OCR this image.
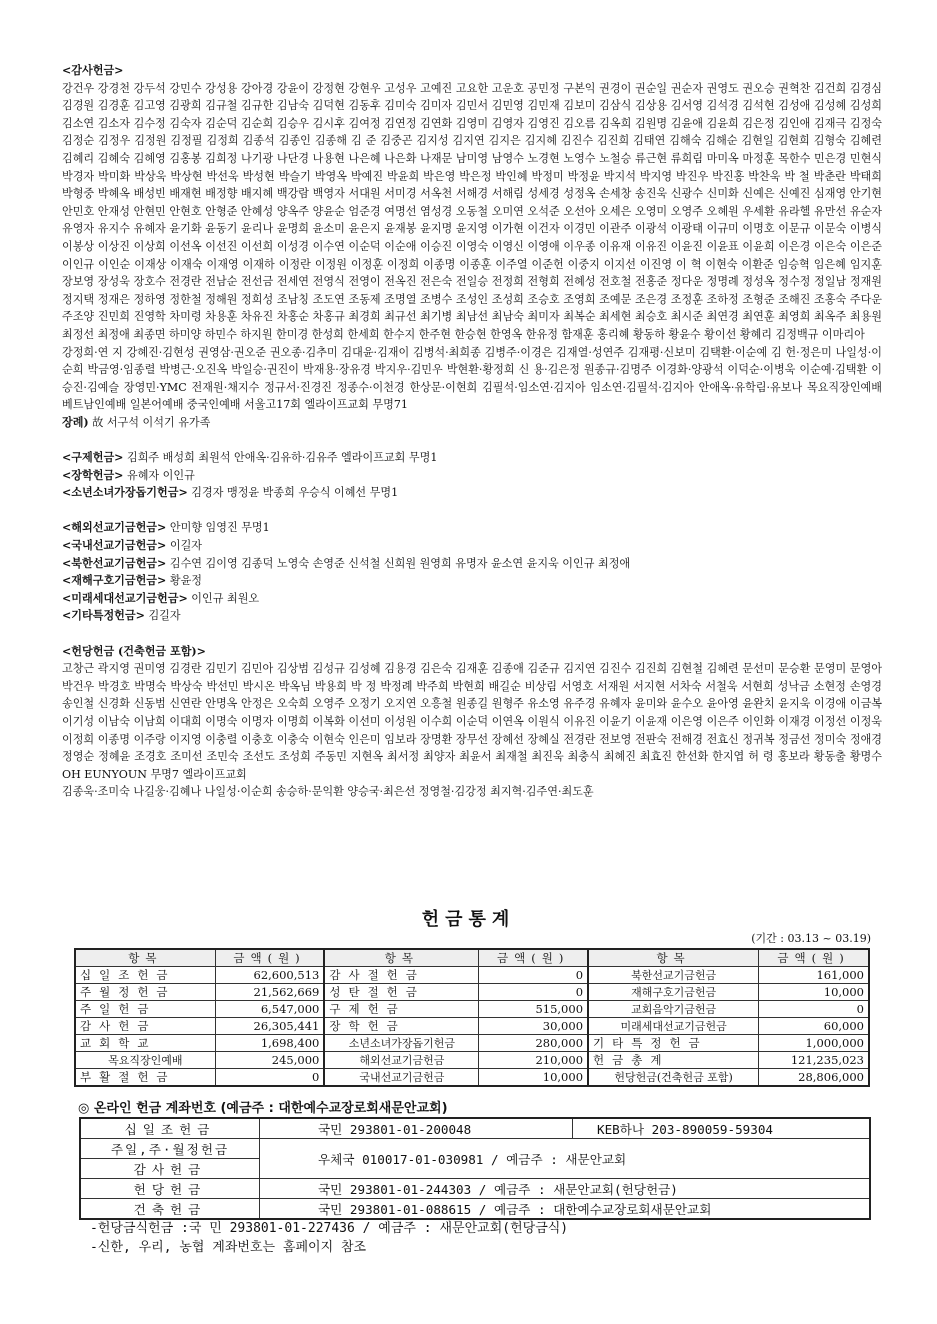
<감사헌금>

강건우 강경천 강두석 강민수 강성용 강아경 강윤이 강정현 강현우 고성우 고예진 고요한 고운호 공민정 구본익 권경이 권순일 권순자 권영도 권오승 권혁찬 김건희 김경심 김경원 김경훈 김고영 김광희 김규철 김규한 김남숙 김덕현 김동후 김미숙 김미자 김민서 김민영 김민재 김보미 김삼식 김상용 김서영 김석경 김석현 김성애 김성혜 김성희 김소연 김소자 김수정 김숙자 김순덕 김순희 김승우 김시후 김여정 김연정 김연화 김영미 김영자 김영진 김오름 김옥희 김원명 김윤애 김윤희 김은정 김인애 김재극 김정숙 김정순 김정우 김정원 김정필 김정희 김종석 김종인 김종해 김 준 김중곤 김지성 김지연 김지은 김지혜 김진수 김진희 김태연 김해숙 김해순 김현일 김현희 김형숙 김혜련 김혜리 김혜숙 김혜영 김홍봉 김희정 나기광 나단경 나용현 나은혜 나은화 나재문 남미영 남영수 노경현 노영수 노철승 류근현 류희림 마미옥 마정훈 목한수 민은경 민현식 박경자 박미화 박상욱 박상현 박선욱 박성현 박슬기 박영옥 박예진 박윤희 박은영 박은정 박인혜 박정미 박정윤 박지석 박지영 박진우 박진홍 박찬욱 박 철 박춘란 박태희 박형중 박혜옥 배성빈 배재현 배정향 배지혜 백강람 백영자 서대원 서미경 서옥천 서해경 서해림 성세경 성정옥 손세창 송진욱 신광수 신미화 신예은 신예진 심재영 안기현 안민호 안재성 안현민 안현호 안형준 안혜성 양옥주 양윤순 엄준경 여명선 염성경 오동철 오미연 오석준 오선아 오세은 오영미 오영주 오혜원 우세환 유라헬 유만선 유순자 유영자 유지수 유혜자 윤기화 윤동기 윤리나 윤명희 윤소미 윤은지 윤재봉 윤지명 윤지영 이가현 이건자 이경민 이관주 이광석 이광태 이규미 이명호 이문규 이문숙 이병식 이봉상 이상진 이상희 이선옥 이선진 이선희 이성경 이수연 이순덕 이순애 이승진 이영숙 이영신 이영애 이우종 이유재 이유진 이윤진 이윤표 이윤희 이은경 이은숙 이은준 이인규 이인순 이재상 이재숙 이재영 이재하 이정란 이정원 이정훈 이정희 이종명 이종훈 이주열 이준헌 이중지 이지선 이진영 이 혁 이현숙 이환준 임승혁 임은혜 임지훈 장보영 장성욱 장호수 전경란 전남순 전선금 전세연 전영식 전영이 전옥진 전은숙 전일승 전정희 전형희 전혜성 전호철 전홍준 정다운 정명례 정성옥 정수정 정일남 정재원 정지택 정재은 정하영 정한철 정해원 정희성 조남칭 조도연 조동제 조명열 조병수 조성인 조성희 조승호 조영희 조예문 조은경 조정훈 조하정 조형준 조해진 조홍숙 주다운 주조양 진민희 진영학 차미령 차용훈 차유진 차홍순 차홍규 최경희 최규선 최기병 최남선 최남숙 최미자 최복순 최세현 최승호 최시준 최연경 최연훈 최영희 최옥주 최용원 최정선 최정애 최종면 하미양 하민수 하지원 한미경 한성희 한세희 한수지 한주현 한승현 한영옥 한유정 함재훈 홍리혜 황동하 황윤수 황이선 황혜리 김정백규 이마리아

강정희·연 지 강혜진·김현성 권영삼·권오준 권오종·김추미 김대윤·김재이 김병석·최희종 김병주·이경은 김재열·성연주 김재평·신보미 김택환·이순예 김 헌·정은미 나일성·이순희 박금영·임종렬 박병근·오진옥 박일승·권진이 박재용·장유경 박지우·김민우 박현환·황정희 신 용·김은정 원종규·김명주 이경화·양광석 이덕순·이병욱 이순예·김택환 이승진·김예슬 장영민·YMC 전재원·채지수 정규서·진경진 정종수·이천경 한상문·이현희 김필석·임소연·김지아 임소연·김필석·김지아 안애옥·유학림·유보나 목요직장인예배 베트남인예배 일본어예배 중국인예배 서울고17회 엘라이프교회 무명71

장례) 故 서구석 이석기 유가족

<구제헌금> 김희주 배성희 최원석 안애옥·김유하·김유주 엘라이프교회 무명1

<장학헌금> 유혜자 이인규

<소년소녀가장돕기헌금> 김경자 맹정윤 박종희 우승식 이혜선 무명1

<해외선교기금헌금> 안미향 임영진 무명1

<국내선교기금헌금> 이길자

<북한선교기금헌금> 김수연 김이영 김종덕 노영숙 손영준 신석철 신희원 원영희 유명자 윤소연 윤지욱 이인규 최정애

<재해구호기금헌금> 황윤정

<미래세대선교기금헌금> 이인규 최원오

<기타특정헌금> 김길자

<헌당헌금 (건축헌금 포함)>

고창근 곽지영 권미영 김경란 김민기 김민아 김상범 김성규 김성혜 김용경 김은숙 김재훈 김종애 김준규 김지연 김진수 김진희 김현철 김혜련 문선미 문승환 문영미 문영아 박건우 박경호 박명숙 박상숙 박선민 박시온 박옥님 박용희 박 정 박정례 박주희 박현희 배길순 비상림 서영호 서재원 서지현 서차숙 서철욱 서현희 성낙금 소현정 손영경 송인철 신경화 신동범 신연란 안명옥 안정은 오숙희 오영주 오정기 오지연 오흥철 원종길 원형주 유소영 유주경 유혜자 윤미와 윤수오 윤아영 윤완치 윤지욱 이경애 이금복 이기성 이남숙 이남희 이대희 이명숙 이명자 이명희 이복화 이선미 이성원 이수희 이순덕 이연옥 이원식 이유진 이윤기 이윤재 이은영 이은주 이인화 이재경 이정선 이정욱 이정희 이종명 이주랑 이지영 이충렬 이충호 이충숙 이현숙 인은미 임보라 장명환 장무선 장혜선 장혜실 전경란 전보영 전판숙 전해경 전효신 정귀복 정금선 정미숙 정애경 정영순 정혜윤 조경호 조미선 조민숙 조선도 조성희 주동민 지현옥 최서정 최양자 최윤서 최재철 최진욱 최충식 최혜진 최효진 한선화 한지엽 허 령 홍보라 황동출 황명수 OH EUNYOUN 무명7 엘라이프교회

김종욱·조미숙 나길웅·김혜나 나일성·이순희 송승하·문익환 양승국·최은선 정영철·김강정 최지혁·김주연·최도훈

헌금통계
(기간 : 03.13 ~ 03.19)
항목	금액(원)	항목	금액(원)	항목	금액(원)
십일조헌금	62,600,513	감사절헌금	0	북한선교기금헌금	161,000
주월정헌금	21,562,669	성탄절헌금	0	재해구호기금헌금	10,000
주일헌금	6,547,000	구제헌금	515,000	교회음악기금헌금	0
감사헌금	26,305,441	장학헌금	30,000	미래세대선교기금헌금	60,000
교회학교	1,698,400	소년소녀가장돕기헌금	280,000	기타특정헌금	1,000,000
목요직장인예배	245,000	해외선교기금헌금	210,000	헌금총계	121,235,023
부활절헌금	0	국내선교기금헌금	10,000	헌당헌금(건축헌금 포함)	28,806,000
◎ 온라인 헌금 계좌번호 (예금주 : 대한예수교장로회새문안교회)
십일조헌금	국민 293801-01-200048	KEB하나 203-890059-59304
주일,주·월정헌금	우체국 010017-01-030981 / 예금주 : 새문안교회	
감사헌금		
헌당헌금	국민 293801-01-244303 / 예금주 : 새문안교회(헌당헌금)	
건축헌금	국민 293801-01-088615 / 예금주 : 대한예수교장로회새문안교회	
-헌당금식헌금 :국 민 293801-01-227436 / 예금주 : 새문안교회(헌당금식)
-신한, 우리, 농협 계좌번호는 홈페이지 참조
